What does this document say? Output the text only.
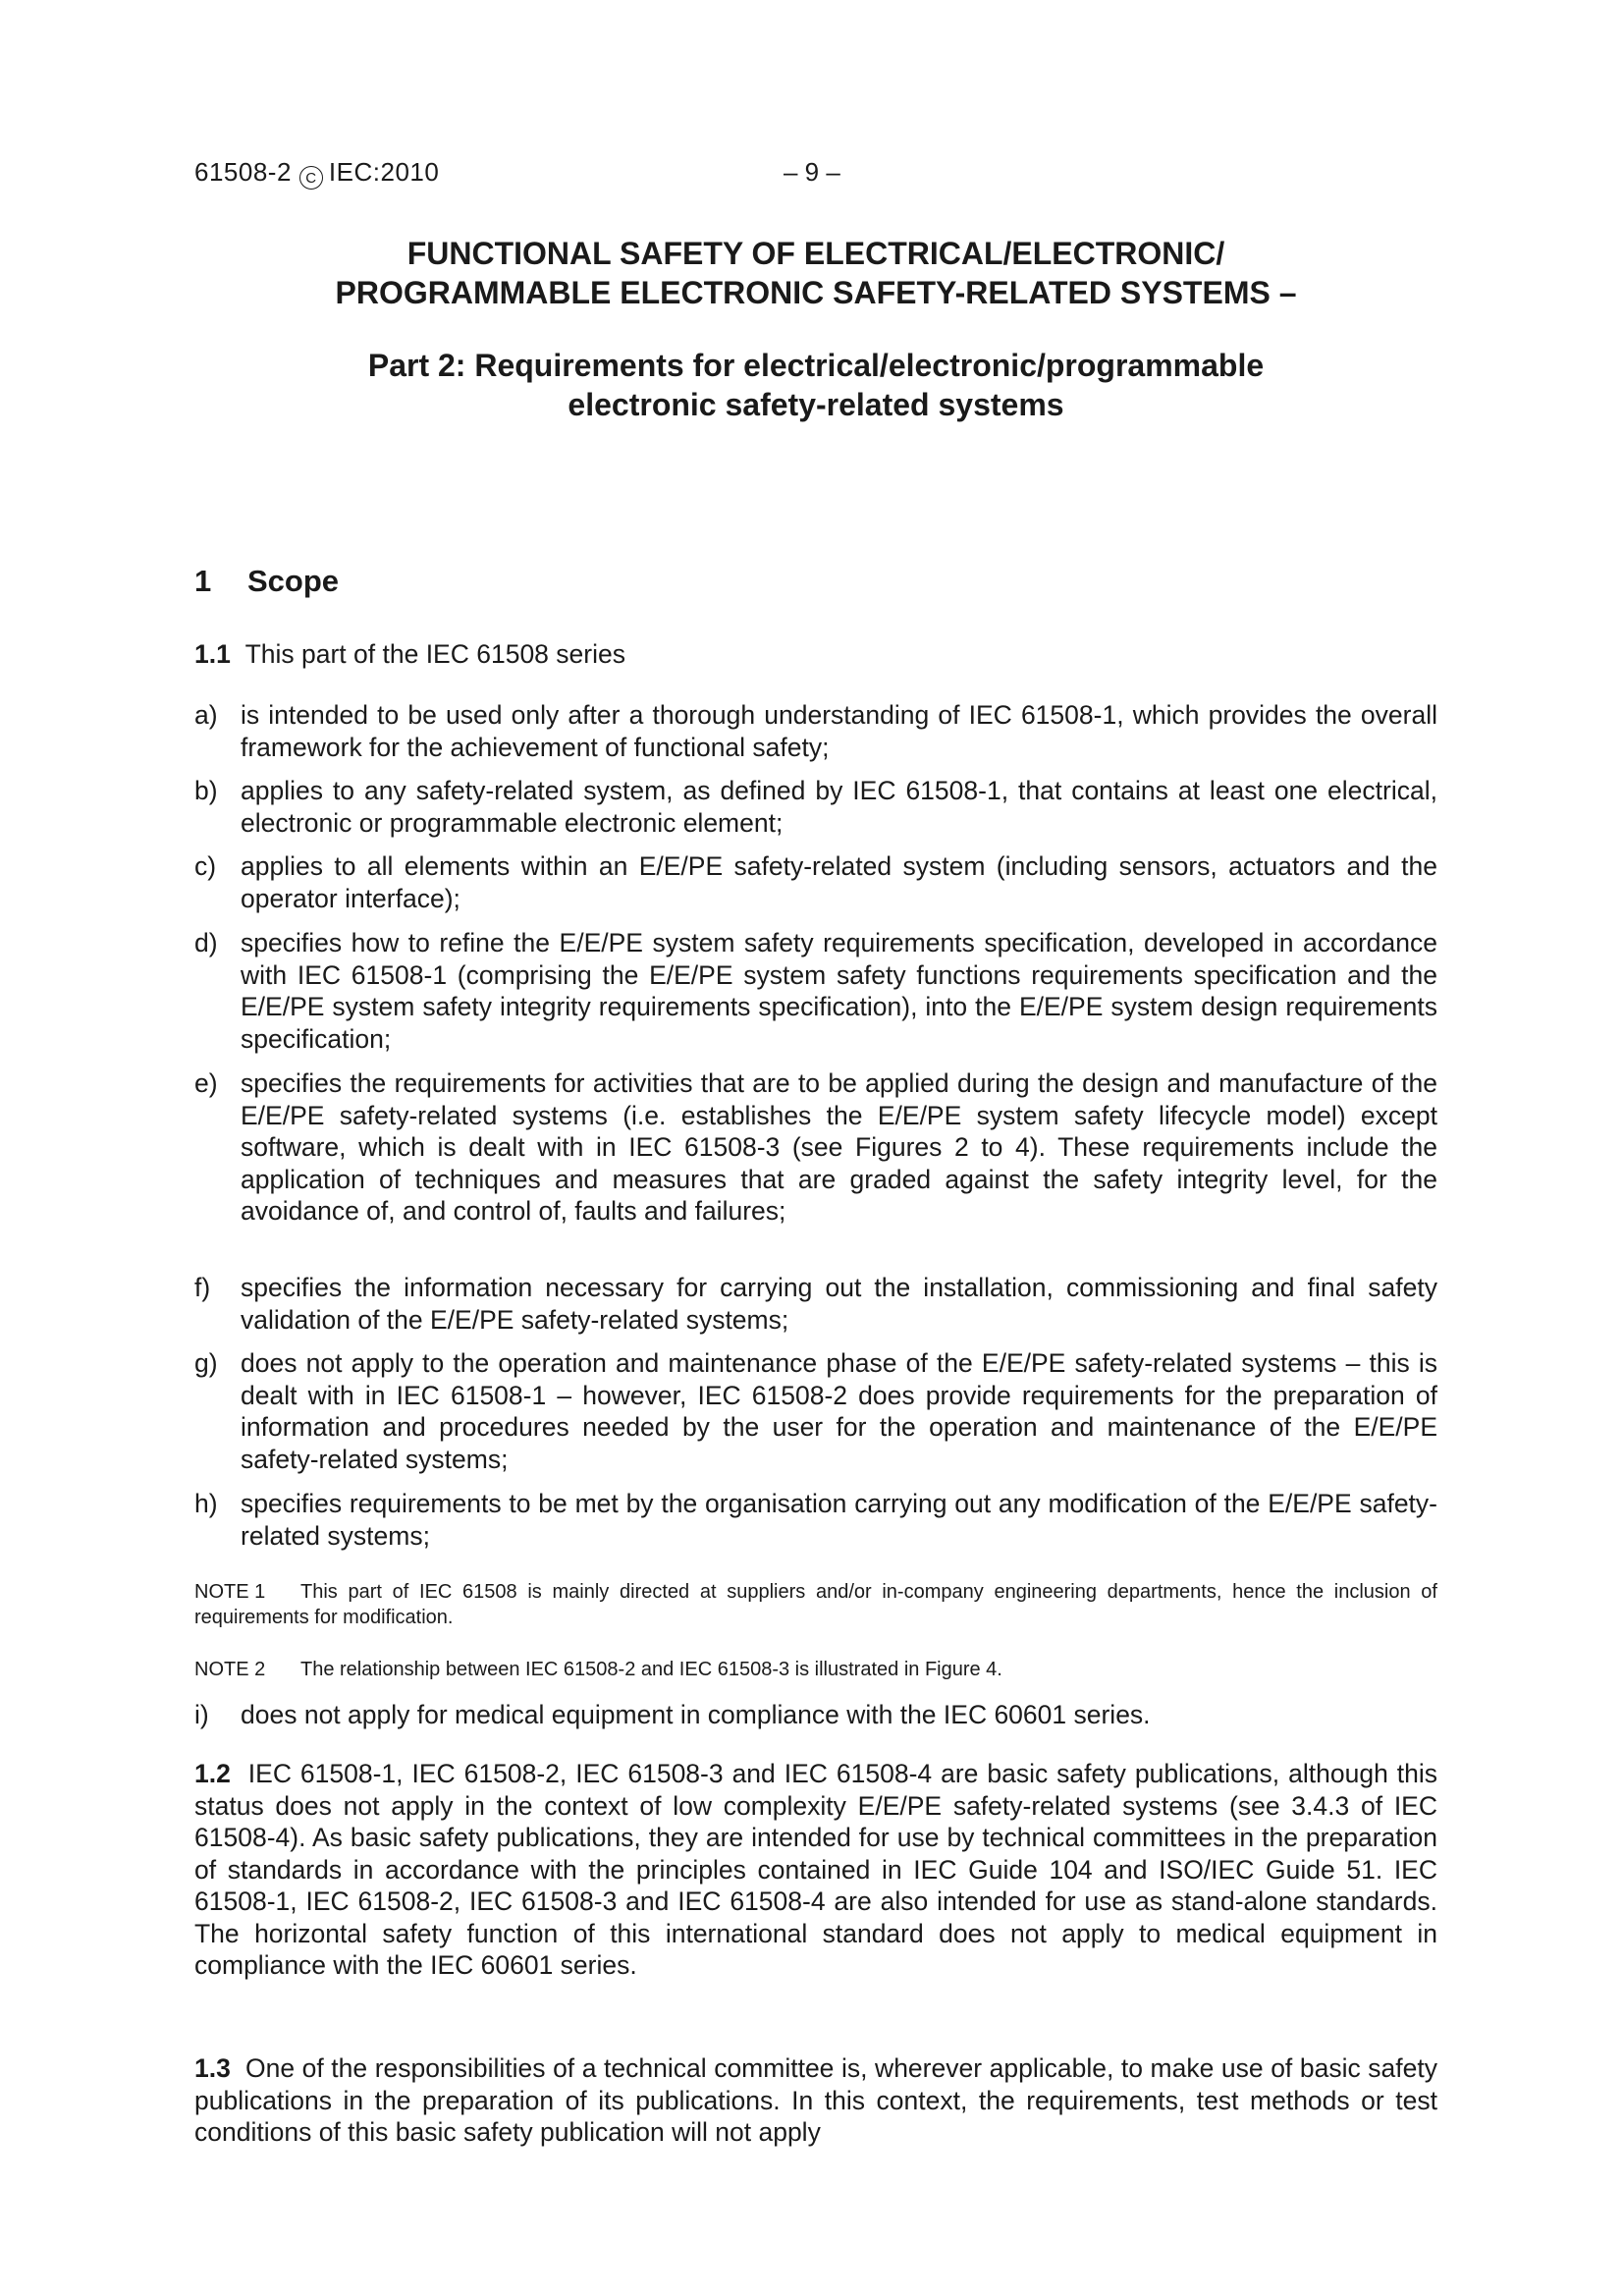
61508-2 C IEC:2010	– 9 –
FUNCTIONAL SAFETY OF ELECTRICAL/ELECTRONIC/
PROGRAMMABLE ELECTRONIC SAFETY-RELATED SYSTEMS –
Part 2: Requirements for electrical/electronic/programmable
electronic safety-related systems
1 Scope
1.1 This part of the IEC 61508 series
a) is intended to be used only after a thorough understanding of IEC 61508-1, which provides the overall framework for the achievement of functional safety;
b) applies to any safety-related system, as defined by IEC 61508-1, that contains at least one electrical, electronic or programmable electronic element;
c) applies to all elements within an E/E/PE safety-related system (including sensors, actuators and the operator interface);
d) specifies how to refine the E/E/PE system safety requirements specification, developed in accordance with IEC 61508-1 (comprising the E/E/PE system safety functions requirements specification and the E/E/PE system safety integrity requirements specification), into the E/E/PE system design requirements specification;
e) specifies the requirements for activities that are to be applied during the design and manufacture of the E/E/PE safety-related systems (i.e. establishes the E/E/PE system safety lifecycle model) except software, which is dealt with in IEC 61508-3 (see Figures 2 to 4). These requirements include the application of techniques and measures that are graded against the safety integrity level, for the avoidance of, and control of, faults and failures;
f) specifies the information necessary for carrying out the installation, commissioning and final safety validation of the E/E/PE safety-related systems;
g) does not apply to the operation and maintenance phase of the E/E/PE safety-related systems – this is dealt with in IEC 61508-1 – however, IEC 61508-2 does provide requirements for the preparation of information and procedures needed by the user for the operation and maintenance of the E/E/PE safety-related systems;
h) specifies requirements to be met by the organisation carrying out any modification of the E/E/PE safety-related systems;
NOTE 1 This part of IEC 61508 is mainly directed at suppliers and/or in-company engineering departments, hence the inclusion of requirements for modification.
NOTE 2 The relationship between IEC 61508-2 and IEC 61508-3 is illustrated in Figure 4.
i) does not apply for medical equipment in compliance with the IEC 60601 series.
1.2 IEC 61508-1, IEC 61508-2, IEC 61508-3 and IEC 61508-4 are basic safety publications, although this status does not apply in the context of low complexity E/E/PE safety-related systems (see 3.4.3 of IEC 61508-4). As basic safety publications, they are intended for use by technical committees in the preparation of standards in accordance with the principles contained in IEC Guide 104 and ISO/IEC Guide 51. IEC 61508-1, IEC 61508-2, IEC 61508-3 and IEC 61508-4 are also intended for use as stand-alone standards. The horizontal safety function of this international standard does not apply to medical equipment in compliance with the IEC 60601 series.
1.3 One of the responsibilities of a technical committee is, wherever applicable, to make use of basic safety publications in the preparation of its publications. In this context, the requirements, test methods or test conditions of this basic safety publication will not apply
